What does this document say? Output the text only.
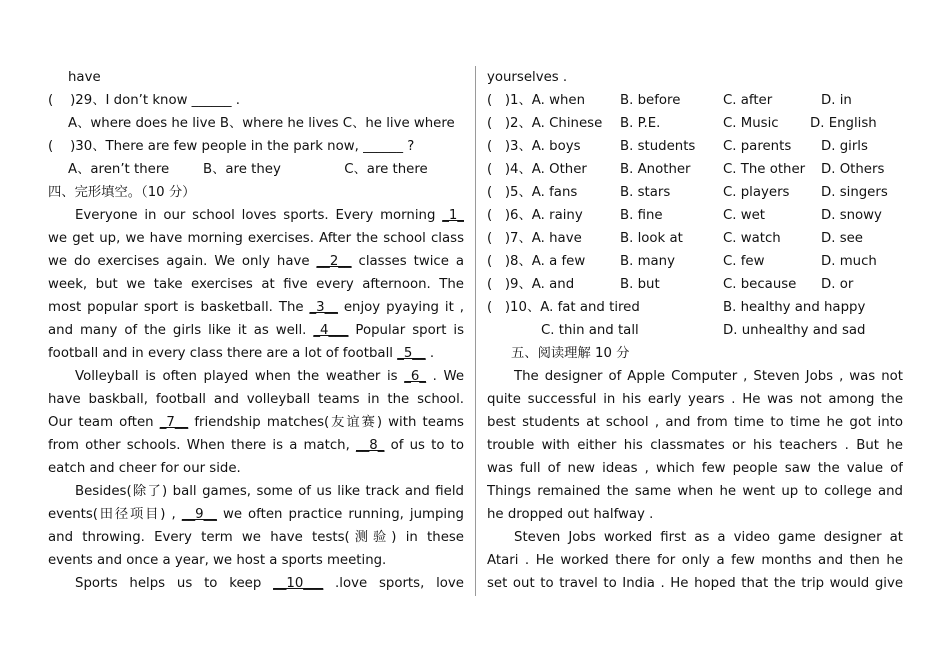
have
(    )29、I don’t know ______ .
A、where does he live B、where he lives C、he live where
(    )30、There are few people in the park now, ______ ?
A、aren’t there        B、are they               C、are there
四、完形填空。（10 分）
Everyone in our school loves sports. Every morning _1_
we get up, we have morning exercises. After the school class
we do exercises again. We only have __2__ classes twice a
week, but we take exercises at five every afternoon. The
most popular sport is basketball. The _3__ enjoy pyaying it ,
and many of the girls like it as well. _4___ Popular sport is
football and in every class there are a lot of football _5__ .
Volleyball is often played when the weather is _6_ . We
have baskball, football and volleyball teams in the school.
Our team often _7__ friendship matches(友谊赛) with teams
from other schools. When there is a match, __8_ of us to to
eatch and cheer for our side.
Besides(除了) ball games, some of us like track and field
events(田径项目) , __9__ we often practice running, jumping
and throwing. Every term we have tests(测验) in these
events and once a year, we host a sports meeting.
Sports helps us to keep __10___ .love sports, love
yourselves .
(   )1、A. when	B. before	C. after	D. in
(   )2、A. Chinese B. P.E.	C. Music D. English
(   )3、A. boys	B. students C. parents D. girls
(   )4、A. Other B. Another C. The other D. Others
(   )5、A. fans	B. stars	C. players D. singers
(   )6、A. rainy	B. fine	C. wet	D. snowy
(   )7、A. have	B. look at	C. watch	D. see
(   )8、A. a few	B. many	C. few	D. much
(   )9、A. and	B. but	C. because D. or
(   )10、A. fat and tired	B. healthy and happy
C. thin and tall	D. unhealthy and sad
五、阅读理解 10 分
The designer of Apple Computer , Steven Jobs , was not
quite successful in his early years . He was not among the
best students at school , and from time to time he got into
trouble with either his classmates or his teachers . But he
was full of new ideas , which few people saw the value of
Things remained the same when he went up to college and
he dropped out halfway .
Steven Jobs worked first as a video game designer at
Atari . He worked there for only a few months and then he
set out to travel to India . He hoped that the trip would give
